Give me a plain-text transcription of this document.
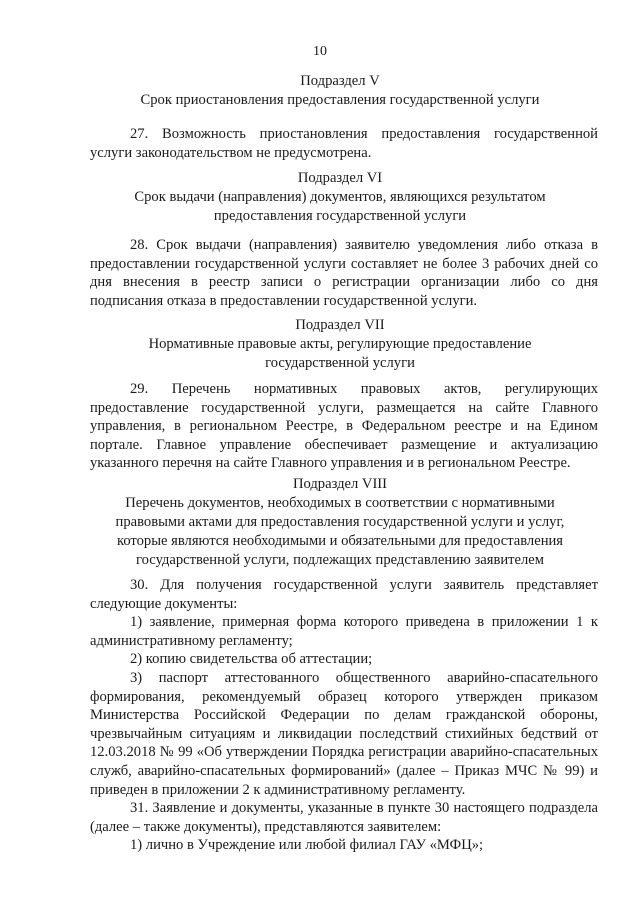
10
Подраздел V
Срок приостановления предоставления государственной услуги
27. Возможность приостановления предоставления государственной услуги законодательством не предусмотрена.
Подраздел VI
Срок выдачи (направления) документов, являющихся результатом
предоставления государственной услуги
28. Срок выдачи (направления) заявителю уведомления либо отказа в предоставлении государственной услуги составляет не более 3 рабочих дней со дня внесения в реестр записи о регистрации организации либо со дня подписания отказа в предоставлении государственной услуги.
Подраздел VII
Нормативные правовые акты, регулирующие предоставление
государственной услуги
29. Перечень нормативных правовых актов, регулирующих предоставление государственной услуги, размещается на сайте Главного управления, в региональном Реестре, в Федеральном реестре и на Едином портале. Главное управление обеспечивает размещение и актуализацию указанного перечня на сайте Главного управления и в региональном Реестре.
Подраздел VIII
Перечень документов, необходимых в соответствии с нормативными
правовыми актами для предоставления государственной услуги и услуг,
которые являются необходимыми и обязательными для предоставления
государственной услуги, подлежащих представлению заявителем
30. Для получения государственной услуги заявитель представляет следующие документы:
1) заявление, примерная форма которого приведена в приложении 1 к административному регламенту;
2) копию свидетельства об аттестации;
3) паспорт аттестованного общественного аварийно-спасательного формирования, рекомендуемый образец которого утвержден приказом Министерства Российской Федерации по делам гражданской обороны, чрезвычайным ситуациям и ликвидации последствий стихийных бедствий от 12.03.2018 № 99 «Об утверждении Порядка регистрации аварийно-спасательных служб, аварийно-спасательных формирований» (далее – Приказ МЧС № 99) и приведен в приложении 2 к административному регламенту.
31. Заявление и документы, указанные в пункте 30 настоящего подраздела (далее – также документы), представляются заявителем:
1) лично в Учреждение или любой филиал ГАУ «МФЦ»;
